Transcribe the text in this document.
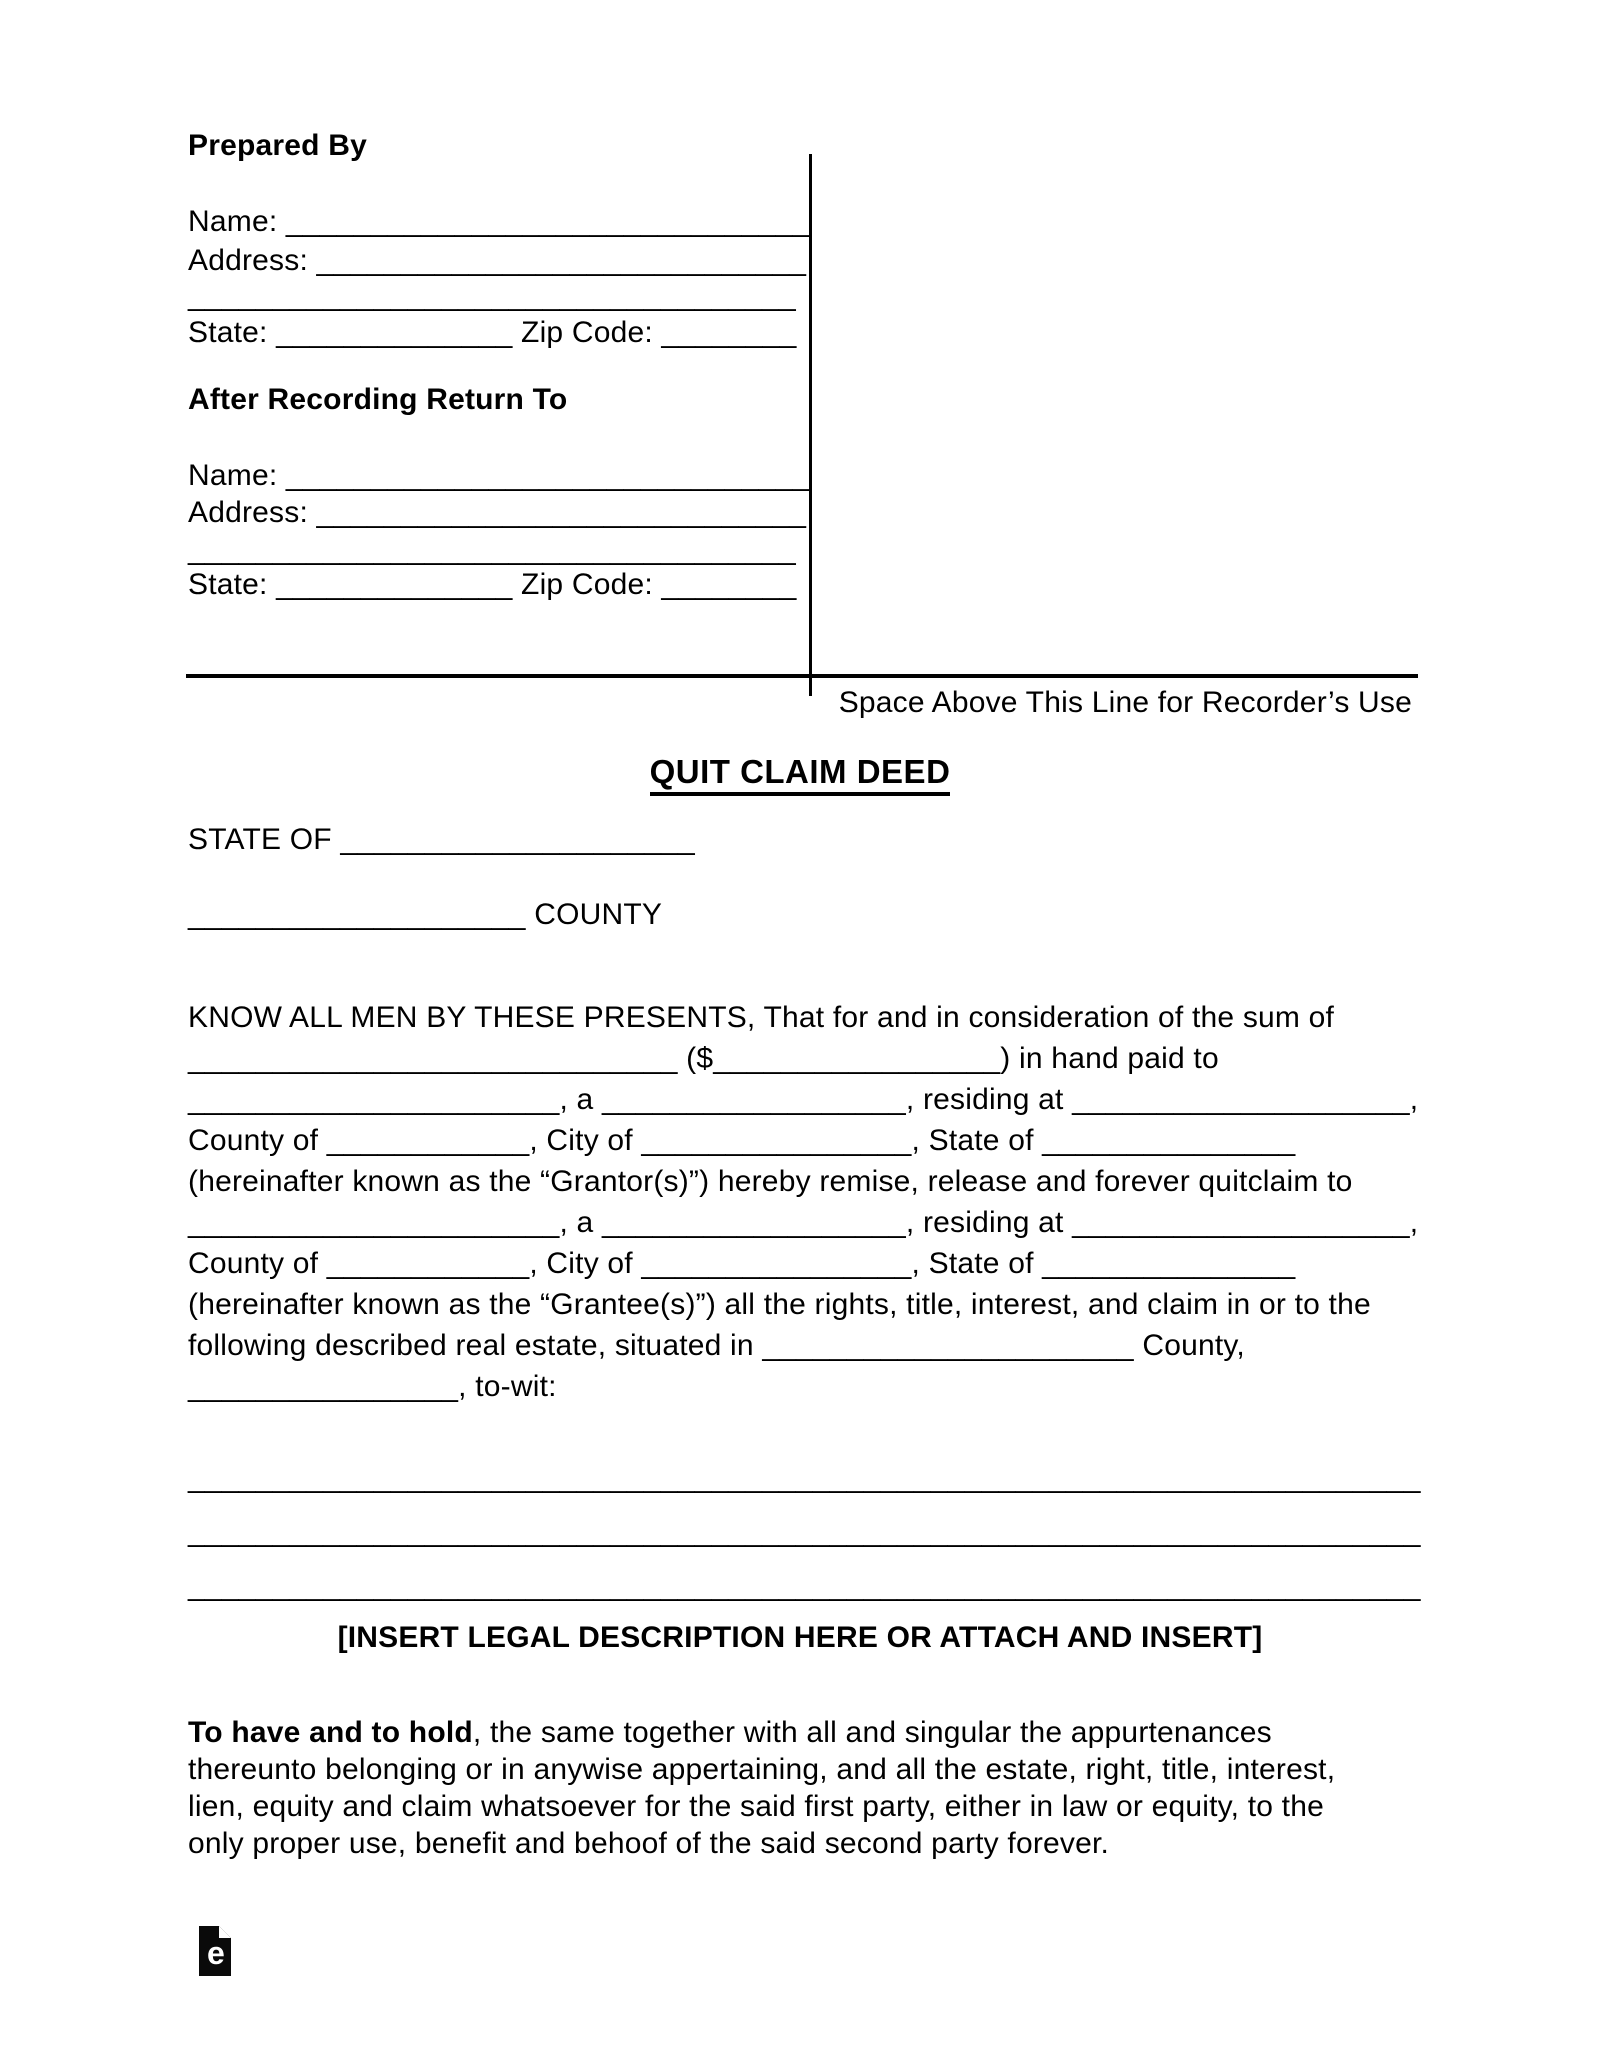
Prepared By
Name: _______________________________
Address: _____________________________
____________________________________
State: ______________ Zip Code: ________
After Recording Return To
Name: _______________________________
Address: _____________________________
____________________________________
State: ______________ Zip Code: ________
Space Above This Line for Recorder’s Use
QUIT CLAIM DEED
STATE OF _____________________
____________________ COUNTY
KNOW ALL MEN BY THESE PRESENTS, That for and in consideration of the sum of
_____________________________ ($_________________) in hand paid to
______________________, a __________________, residing at ____________________,
County of ____________, City of ________________, State of _______________
(hereinafter known as the “Grantor(s)”) hereby remise, release and forever quitclaim to
______________________, a __________________, residing at ____________________,
County of ____________, City of ________________, State of _______________
(hereinafter known as the “Grantee(s)”) all the rights, title, interest, and claim in or to the
following described real estate, situated in ______________________ County,
________________, to-wit:
_________________________________________________________________________
_________________________________________________________________________
_________________________________________________________________________
[INSERT LEGAL DESCRIPTION HERE OR ATTACH AND INSERT]
To have and to hold, the same together with all and singular the appurtenances
thereunto belonging or in anywise appertaining, and all the estate, right, title, interest,
lien, equity and claim whatsoever for the said first party, either in law or equity, to the
only proper use, benefit and behoof of the said second party forever.
e
